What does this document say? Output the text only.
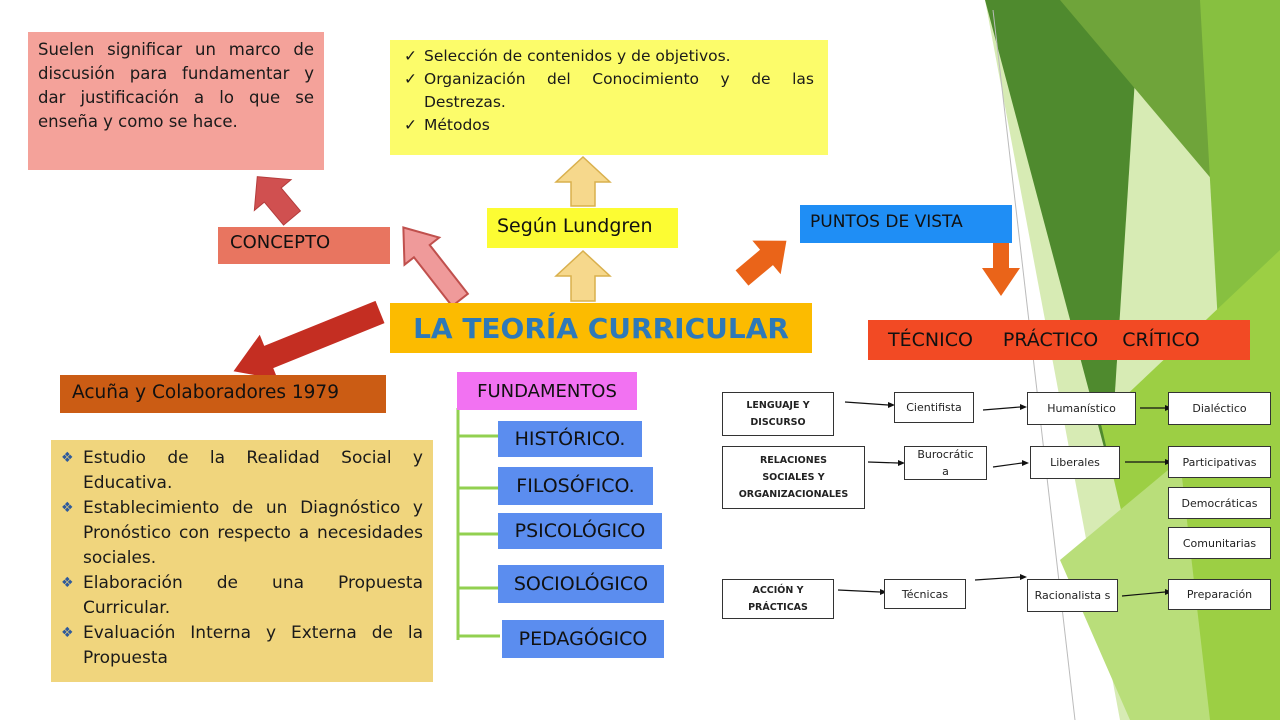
Suelen significar un marco de discusión para fundamentar y dar justificación a lo que se enseña y como se hace.
✓ Selección de contenidos y de objetivos.
✓ Organización del Conocimiento y de las Destrezas.
✓ Métodos
CONCEPTO
Según Lundgren	PUNTOS DE VISTA
LA TEORÍA CURRICULAR	TÉCNICO PRÁCTICO CRÍTICO
Acuña y Colaboradores 1979
❖ Estudio de la Realidad Social y Educativa.
❖ Establecimiento de un Diagnóstico y Pronóstico con respecto a necesidades sociales.
❖ Elaboración de una Propuesta Curricular.
❖ Evaluación Interna y Externa de la Propuesta
FUNDAMENTOS
HISTÓRICO.
FILOSÓFICO.
PSICOLÓGICO
SOCIOLÓGICO
PEDAGÓGICO
LENGUAJE Y DISCURSO
RELACIONES SOCIALES Y ORGANIZACIONALES
ACCIÓN Y PRÁCTICAS
Cientifista	Humanístico	Dialéctico
Burocrátic a
Liberales	Participativas
Democráticas
Comunitarias
Técnicas	Racionalista s	Preparación
